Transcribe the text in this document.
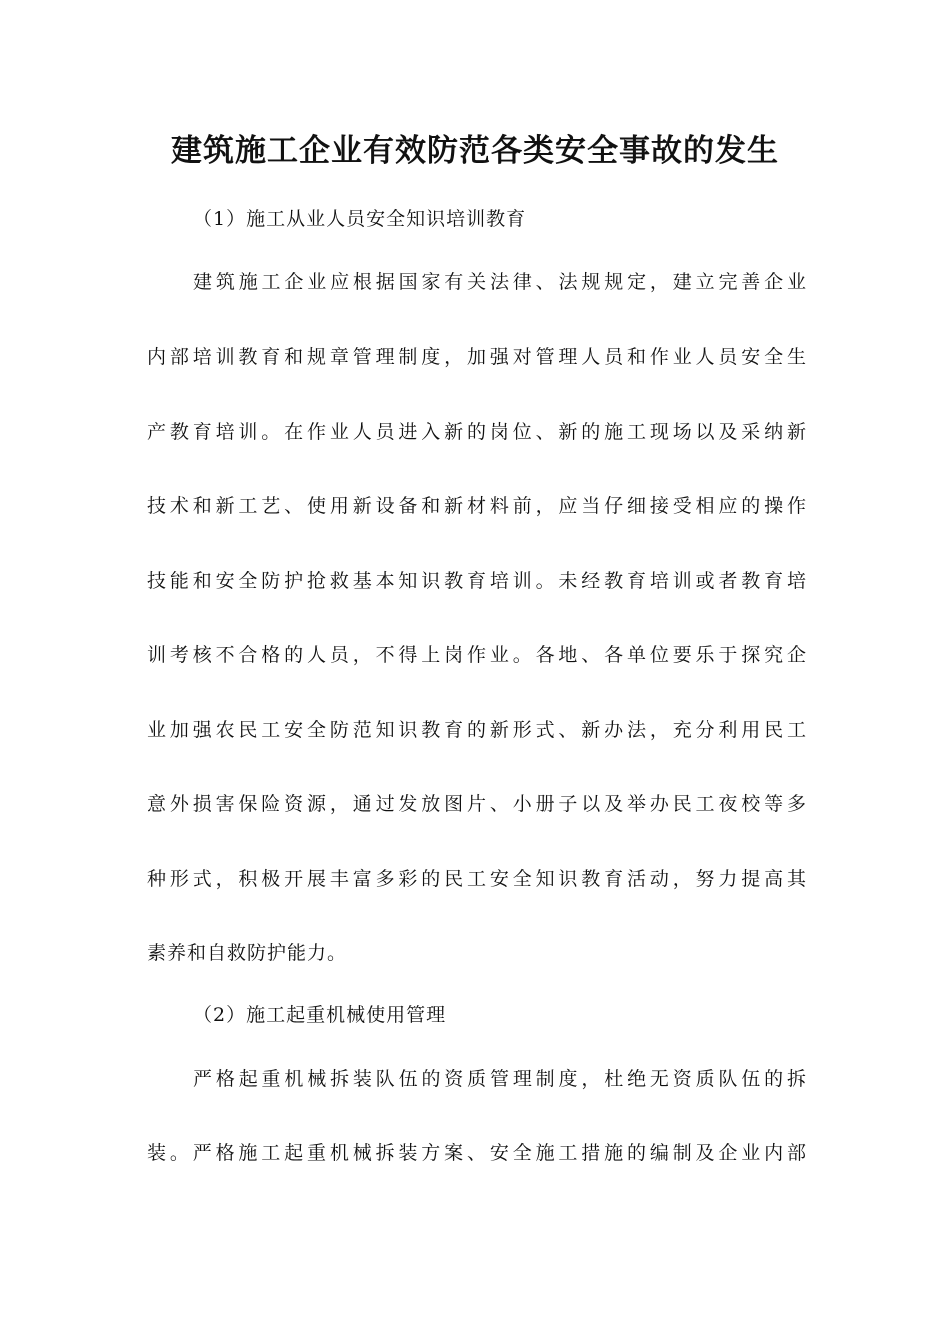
建筑施工企业有效防范各类安全事故的发生
（1）施工从业人员安全知识培训教育
建筑施工企业应根据国家有关法律、法规规定，建立完善企业
内部培训教育和规章管理制度，加强对管理人员和作业人员安全生
产教育培训。在作业人员进入新的岗位、新的施工现场以及采纳新
技术和新工艺、使用新设备和新材料前，应当仔细接受相应的操作
技能和安全防护抢救基本知识教育培训。未经教育培训或者教育培
训考核不合格的人员，不得上岗作业。各地、各单位要乐于探究企
业加强农民工安全防范知识教育的新形式、新办法，充分利用民工
意外损害保险资源，通过发放图片、小册子以及举办民工夜校等多
种形式，积极开展丰富多彩的民工安全知识教育活动，努力提高其
素养和自救防护能力。
（2）施工起重机械使用管理
严格起重机械拆装队伍的资质管理制度，杜绝无资质队伍的拆
装。严格施工起重机械拆装方案、安全施工措施的编制及企业内部
